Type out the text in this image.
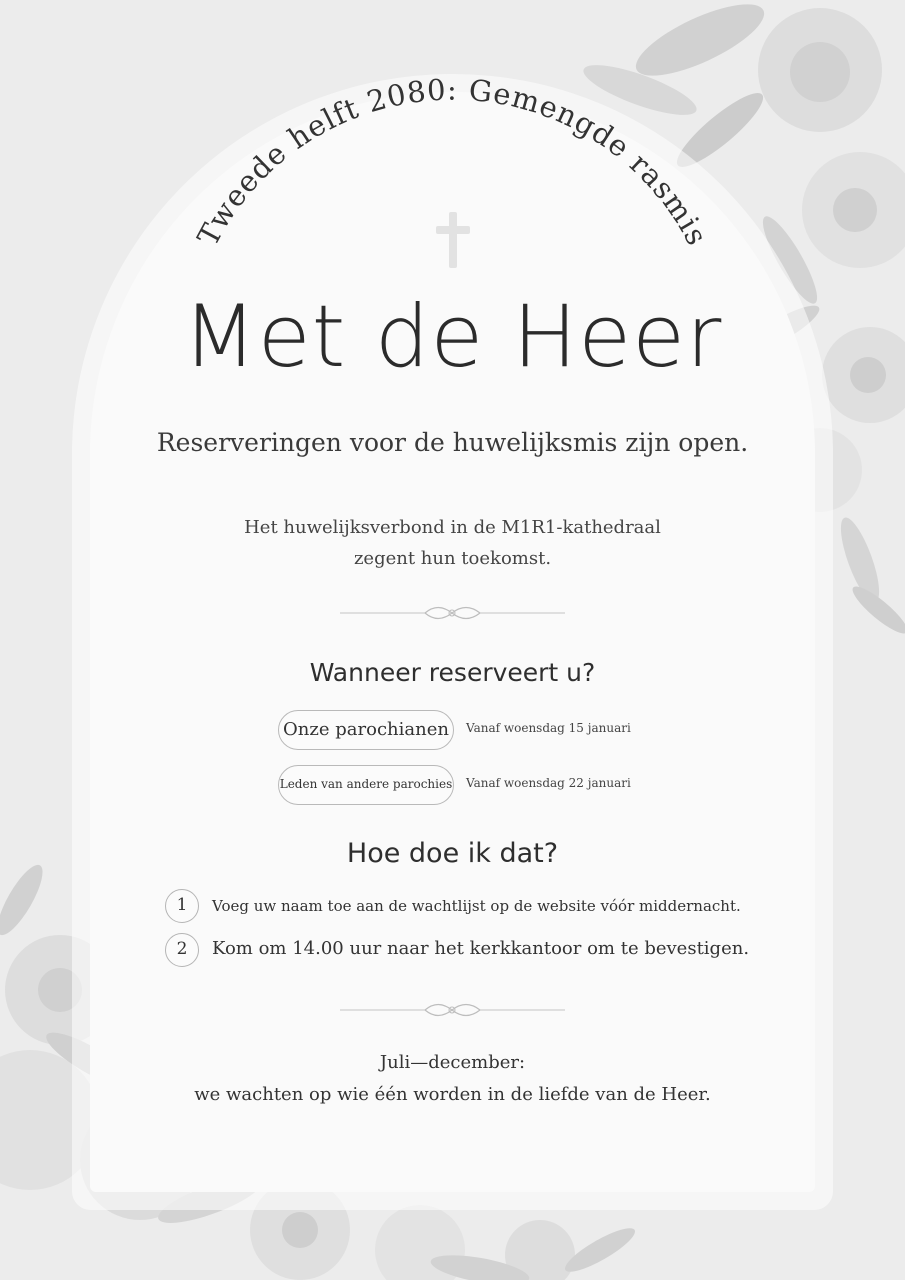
Tweede helft 2080: Gemengde rasmis
Met de Heer
Reserveringen voor de huwelijksmis zijn open.
Het huwelijksverbond in de M1R1-kathedraal
zegent hun toekomst.
Wanneer reserveert u?
Onze parochianen	Vanaf woensdag 15 januari
Leden van andere parochies Vanaf woensdag 22 januari
Hoe doe ik dat?
1	Voeg uw naam toe aan de wachtlijst op de website vóór middernacht.
2	Kom om 14.00 uur naar het kerkkantoor om te bevestigen.
Juli—december:
we wachten op wie één worden in de liefde van de Heer.
